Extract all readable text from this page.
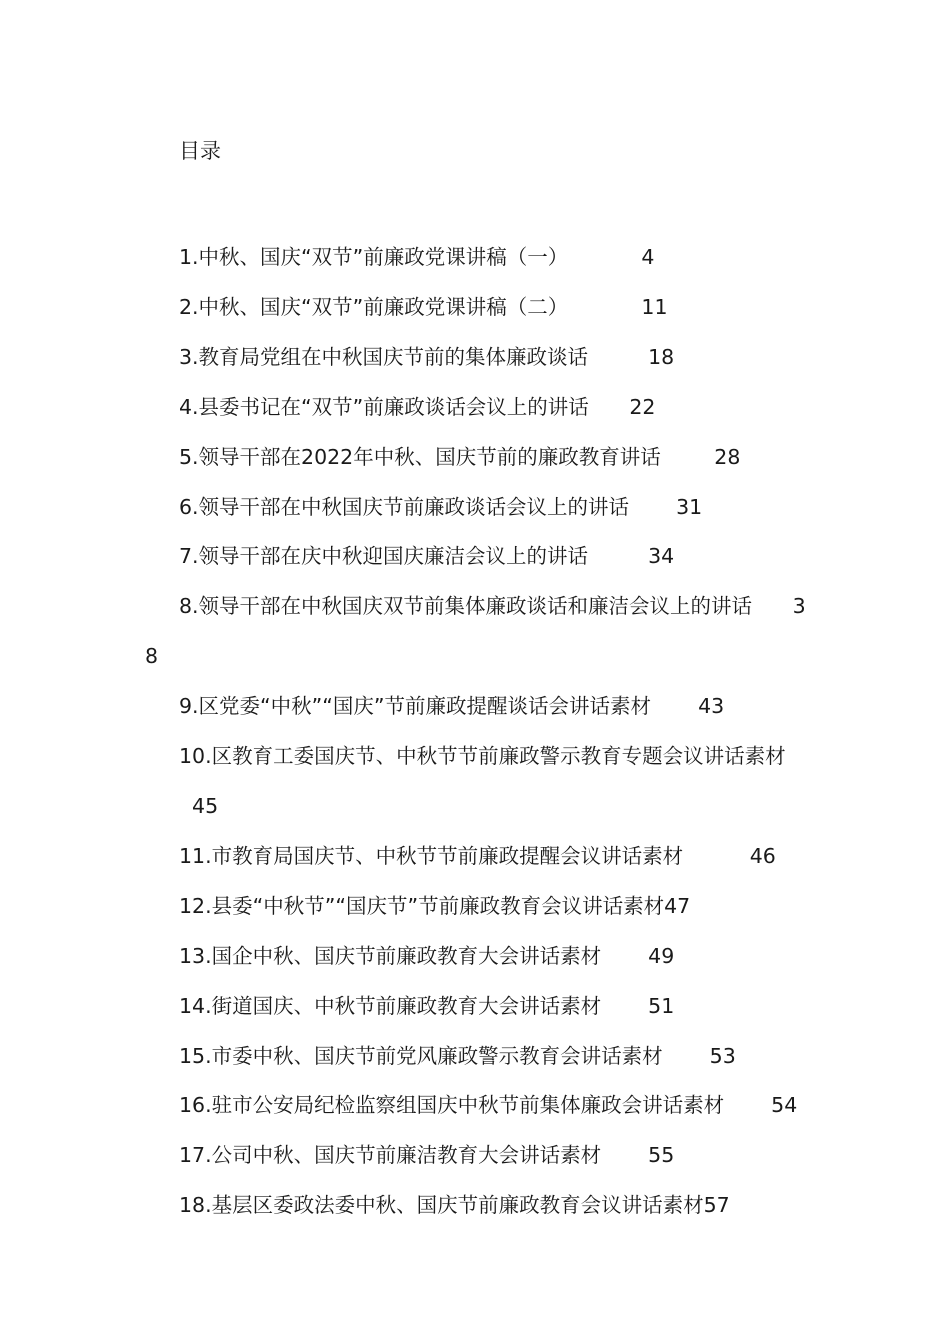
目录
1.中秋、国庆“双节”前廉政党课讲稿（一）	4
2.中秋、国庆“双节”前廉政党课讲稿（二）	11
3.教育局党组在中秋国庆节前的集体廉政谈话	18
4.县委书记在“双节”前廉政谈话会议上的讲话 22
5.领导干部在2022年中秋、国庆节前的廉政教育讲话	28
6.领导干部在中秋国庆节前廉政谈话会议上的讲话 31
7.领导干部在庆中秋迎国庆廉洁会议上的讲话	34
8.领导干部在中秋国庆双节前集体廉政谈话和廉洁会议上的讲话 38
9.区党委“中秋”“国庆”节前廉政提醒谈话会讲话素材 43
10.区教育工委国庆节、中秋节节前廉政警示教育专题会议讲话素材  45
11.市教育局国庆节、中秋节节前廉政提醒会议讲话素材	46
12.县委“中秋节”“国庆节”节前廉政教育会议讲话素材47
13.国企中秋、国庆节前廉政教育大会讲话素材 49
14.街道国庆、中秋节前廉政教育大会讲话素材 51
15.市委中秋、国庆节前党风廉政警示教育会讲话素材 53
16.驻市公安局纪检监察组国庆中秋节前集体廉政会讲话素材 54
17.公司中秋、国庆节前廉洁教育大会讲话素材 55
18.基层区委政法委中秋、国庆节前廉政教育会议讲话素材57
